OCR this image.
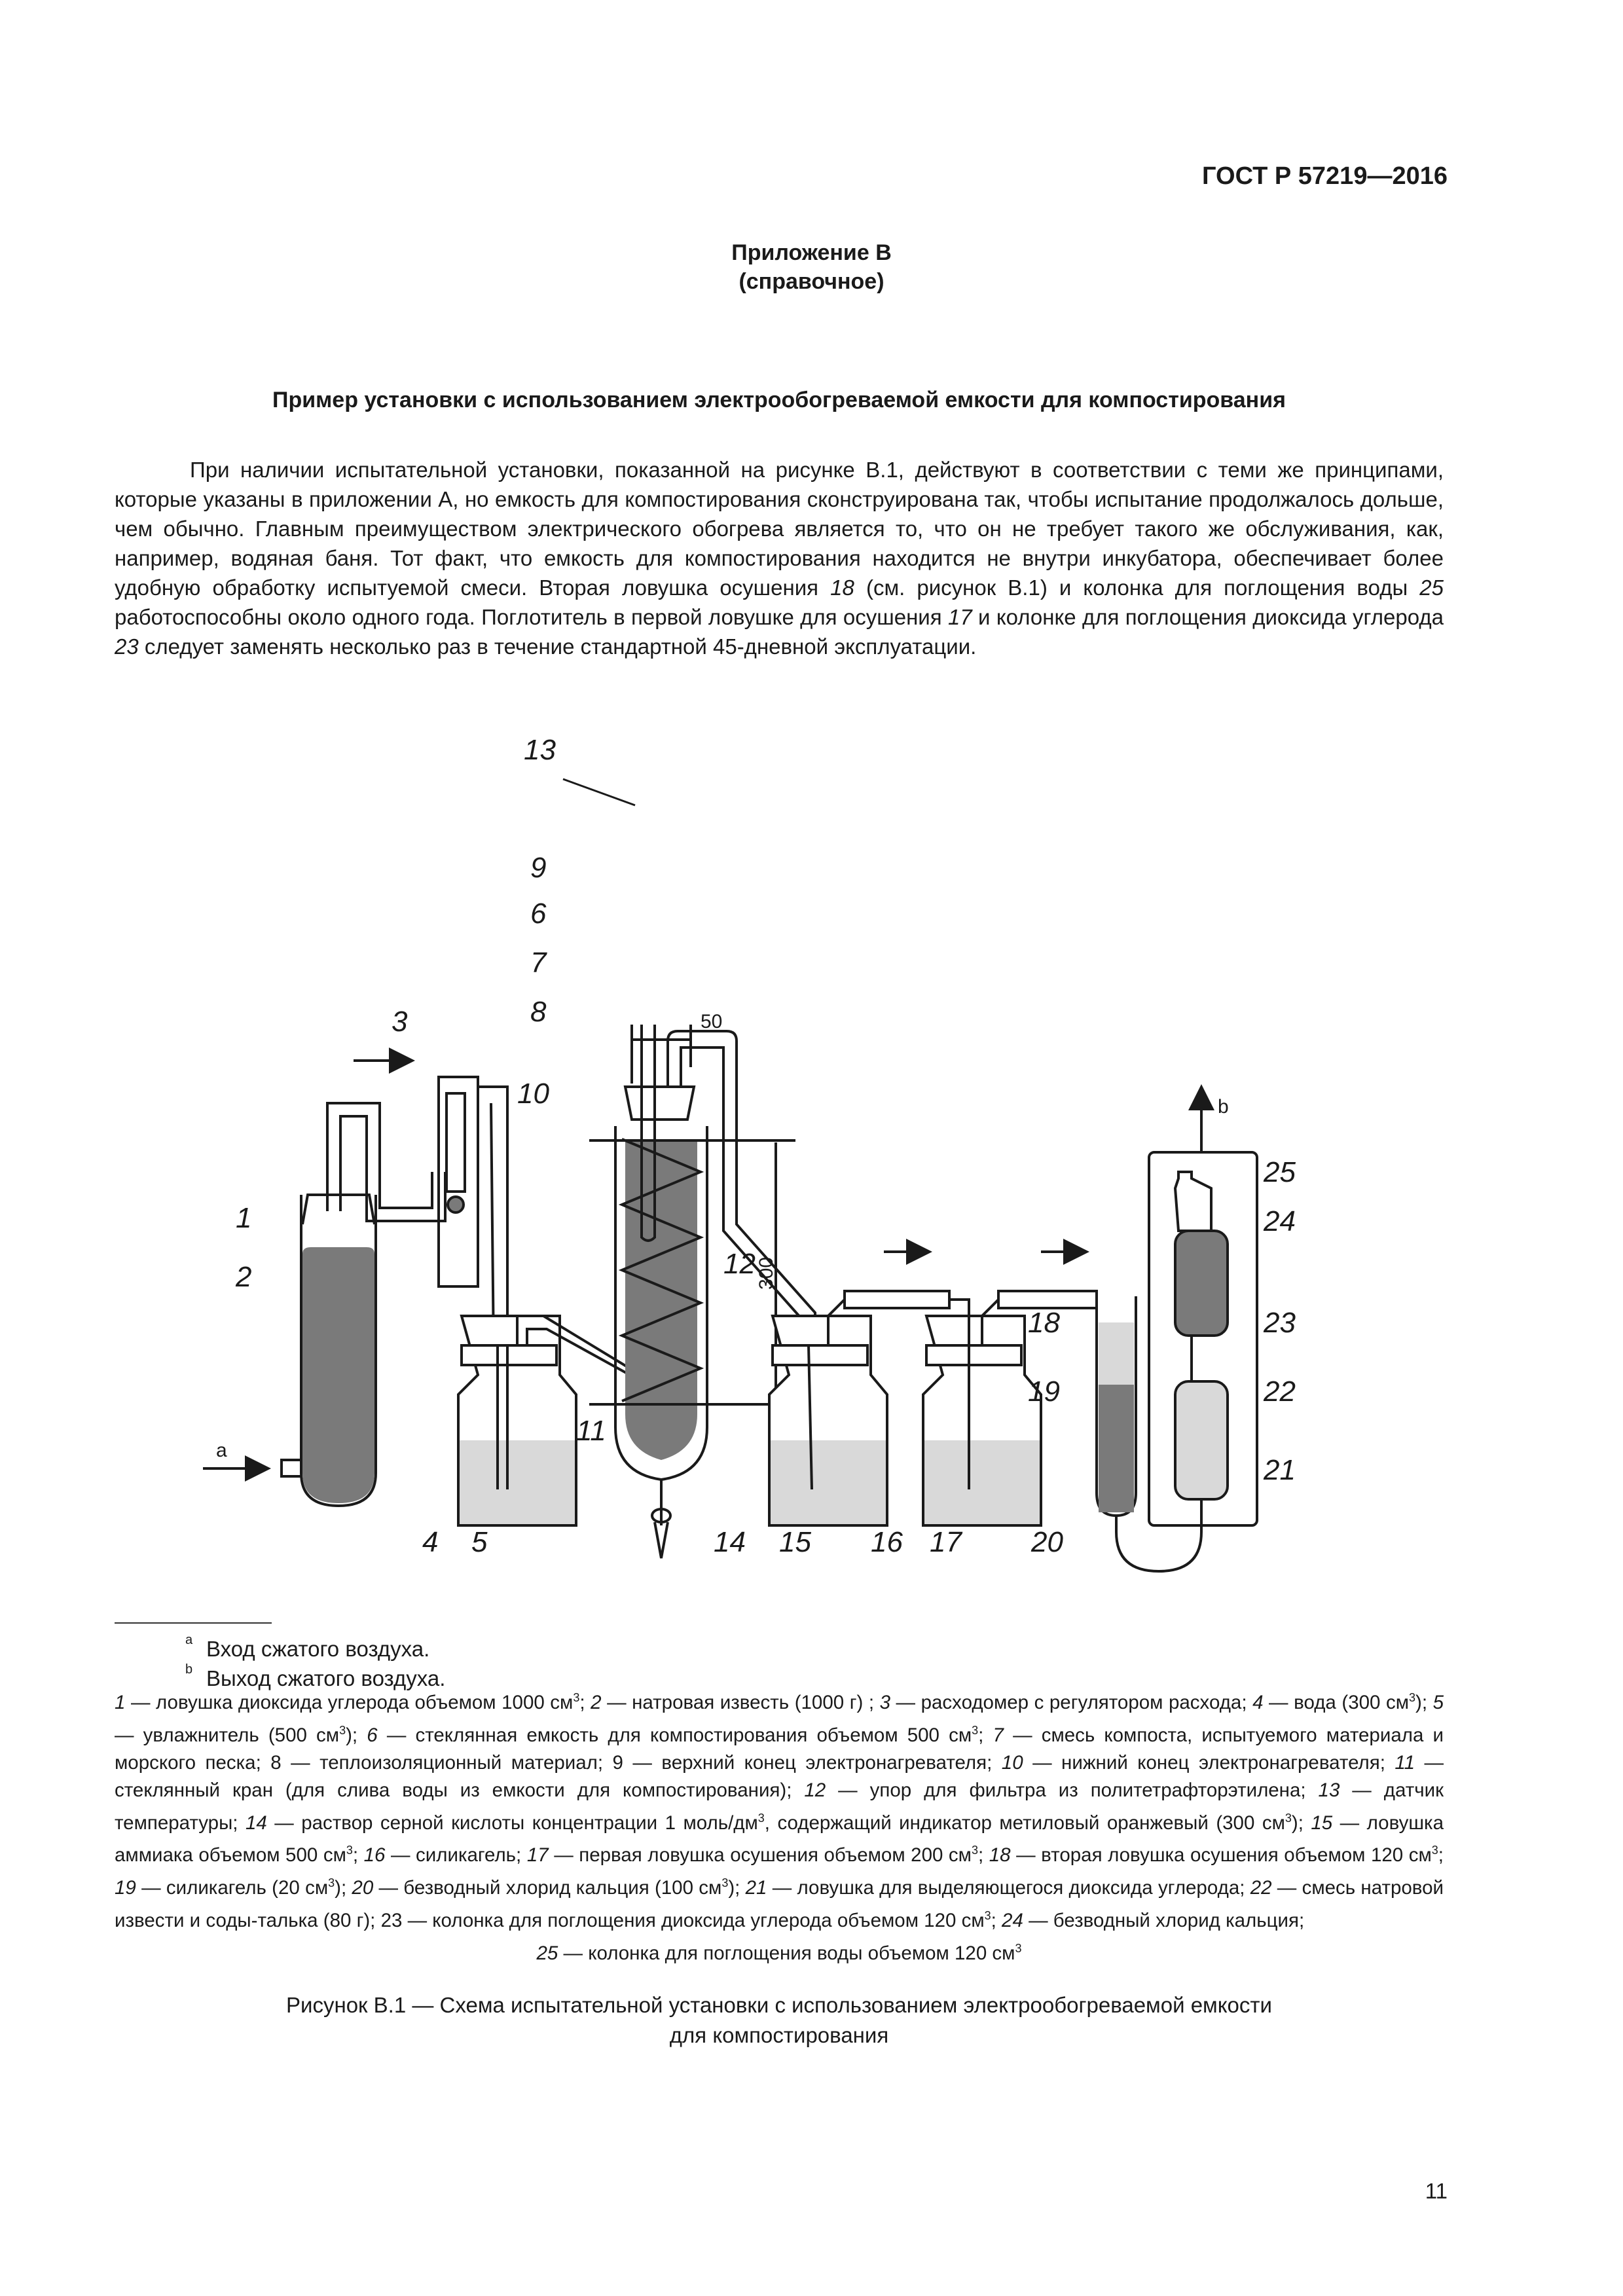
ГОСТ Р 57219—2016
Приложение В
(справочное)
Пример установки с использованием электрообогреваемой емкости для компостирования
При наличии испытательной установки, показанной на рисунке В.1, действуют в соответствии с теми же принципами, которые указаны в приложении А, но емкость для компостирования сконструирована так, чтобы испытание продолжалось дольше, чем обычно. Главным преимуществом электрического обогрева является то, что он не требует такого же обслуживания, как, например, водяная баня. Тот факт, что емкость для компостирования находится не внутри инкубатора, обеспечивает более удобную обработку испытуемой смеси. Вторая ловушка осушения 18 (см. рисунок В.1) и колонка для поглощения воды 25 работоспособны около одного года. Поглотитель в первой ловушке для осушения 17 и колонке для поглощения диоксида углерода 23 следует заменять несколько раз в течение стандартной 45-дневной эксплуатации.
13
9
6
7
8
10
3
1
2
4 5
11
12
14 15 16 17
18
19
20
21
22
23
24
25
50
300
a
b
a Вход сжатого воздуха.
b Выход сжатого воздуха.
1 — ловушка диоксида углерода объемом 1000 $см^3$; 2 — натровая известь (1000 г) ; 3 — расходомер с регулятором расхода; 4 — вода (300 $см^3$); 5 — увлажнитель (500 $см^3$); 6 — стеклянная емкость для компостирования объемом 500 $см^3$; 7 — смесь компоста, испытуемого материала и морского песка; 8 — теплоизоляционный материал; 9 — верхний конец электронагревателя; 10 — нижний конец электронагревателя; 11 — стеклянный кран (для слива воды из емкости для компостирования); 12 — упор для фильтра из политетрафторэтилена; 13 — датчик температуры; 14 — раствор серной кислоты концентрации 1 моль/$дм^3$, содержащий индикатор метиловый оранжевый (300 $см^3$); 15 — ловушка аммиака объемом 500 $см^3$; 16 — силикагель; 17 — первая ловушка осушения объемом 200 $см^3$; 18 — вторая ловушка осушения объемом 120 $см^3$; 19 — силикагель (20 $см^3$); 20 — безводный хлорид кальция (100 $см^3$); 21 — ловушка для выделяющегося диоксида углерода; 22 — смесь натровой извести и соды-талька (80 г); 23 — колонка для поглощения диоксида углерода объемом 120 $см^3$; 24 — безводный хлорид кальция;

25 — колонка для поглощения воды объемом 120 $см^3$
Рисунок В.1 — Схема испытательной установки с использованием электрообогреваемой емкости
для компостирования
11
